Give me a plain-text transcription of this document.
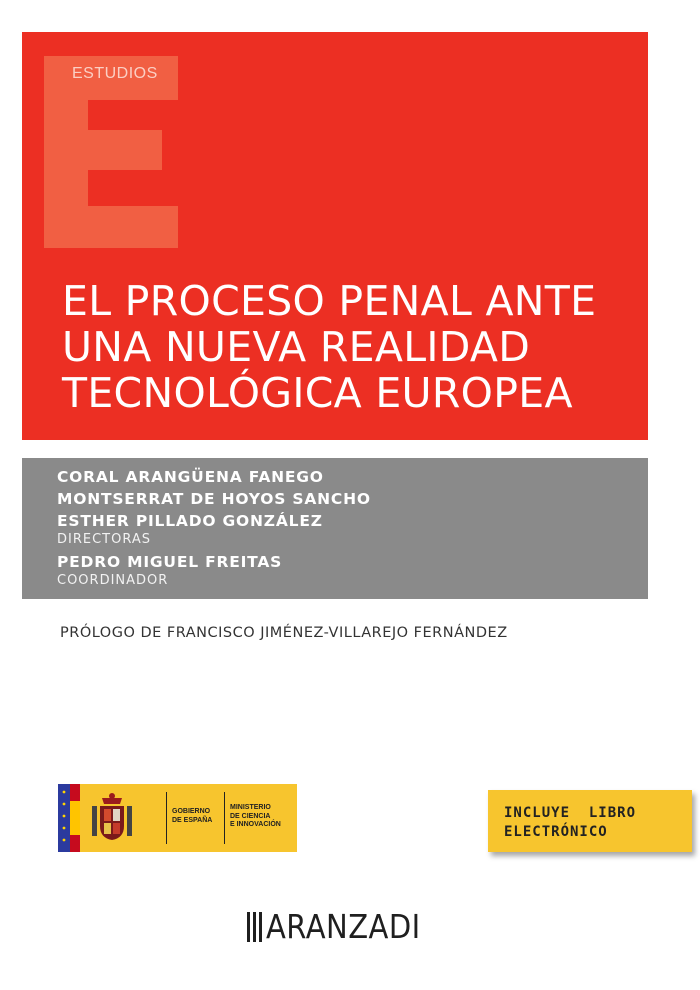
ESTUDIOS
EL PROCESO PENAL ANTE
UNA NUEVA REALIDAD
TECNOLÓGICA EUROPEA
CORAL ARANGÜENA FANEGO
MONTSERRAT DE HOYOS SANCHO
ESTHER PILLADO GONZÁLEZ
DIRECTORAS
PEDRO MIGUEL FREITAS
COORDINADOR
PRÓLOGO DE FRANCISCO JIMÉNEZ-VILLAREJO FERNÁNDEZ
GOBIERNO
DE ESPAÑA
MINISTERIO
DE CIENCIA
E INNOVACIÓN
INCLUYE  LIBRO
ELECTRÓNICO
ARANZADI
